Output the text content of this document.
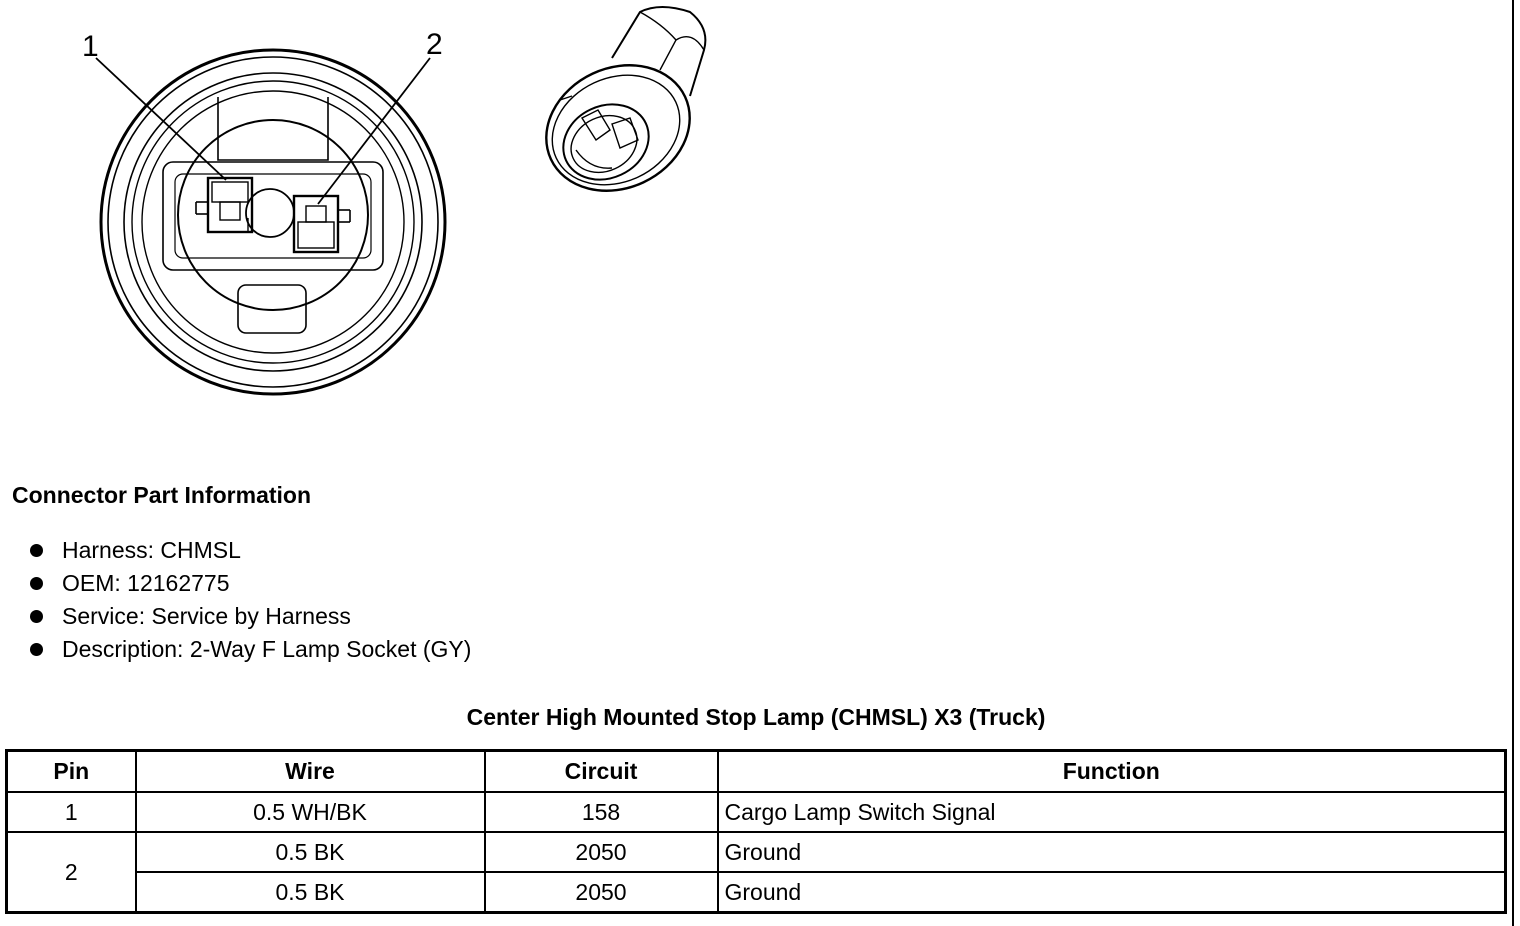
1	2
Connector Part Information
Harness: CHMSL
OEM: 12162775
Service: Service by Harness
Description: 2-Way F Lamp Socket (GY)
Center High Mounted Stop Lamp (CHMSL) X3 (Truck)
Pin	Wire	Circuit	Function
1	0.5 WH/BK	158	Cargo Lamp Switch Signal
2	0.5 BK	2050	Ground
	0.5 BK	2050	Ground
